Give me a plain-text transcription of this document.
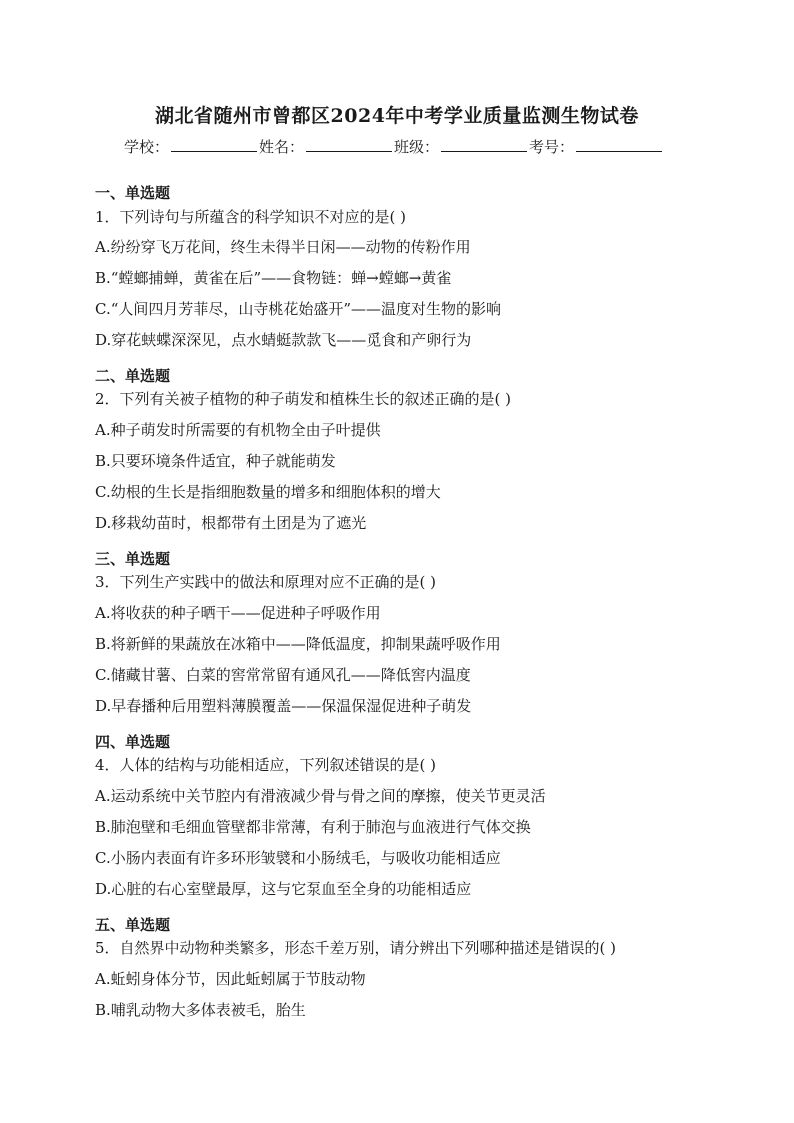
湖北省随州市曾都区2024年中考学业质量监测生物试卷
学校：	姓名：	班级：	考号：
一、单选题
1．下列诗句与所蕴含的科学知识不对应的是( )
A.纷纷穿飞万花间，终生未得半日闲——动物的传粉作用
B.“螳螂捕蝉，黄雀在后”——食物链：蝉→螳螂→黄雀
C.“人间四月芳菲尽，山寺桃花始盛开”——温度对生物的影响
D.穿花蛱蝶深深见，点水蜻蜓款款飞——觅食和产卵行为
二、单选题
2．下列有关被子植物的种子萌发和植株生长的叙述正确的是( )
A.种子萌发时所需要的有机物全由子叶提供
B.只要环境条件适宜，种子就能萌发
C.幼根的生长是指细胞数量的增多和细胞体积的增大
D.移栽幼苗时，根都带有土团是为了遮光
三、单选题
3．下列生产实践中的做法和原理对应不正确的是( )
A.将收获的种子晒干——促进种子呼吸作用
B.将新鲜的果蔬放在冰箱中——降低温度，抑制果蔬呼吸作用
C.储藏甘薯、白菜的窖常常留有通风孔——降低窖内温度
D.早春播种后用塑料薄膜覆盖——保温保湿促进种子萌发
四、单选题
4．人体的结构与功能相适应，下列叙述错误的是( )
A.运动系统中关节腔内有滑液减少骨与骨之间的摩擦，使关节更灵活
B.肺泡壁和毛细血管壁都非常薄，有利于肺泡与血液进行气体交换
C.小肠内表面有许多环形皱襞和小肠绒毛，与吸收功能相适应
D.心脏的右心室壁最厚，这与它泵血至全身的功能相适应
五、单选题
5．自然界中动物种类繁多，形态千差万别，请分辨出下列哪种描述是错误的( )
A.蚯蚓身体分节，因此蚯蚓属于节肢动物
B.哺乳动物大多体表被毛，胎生
